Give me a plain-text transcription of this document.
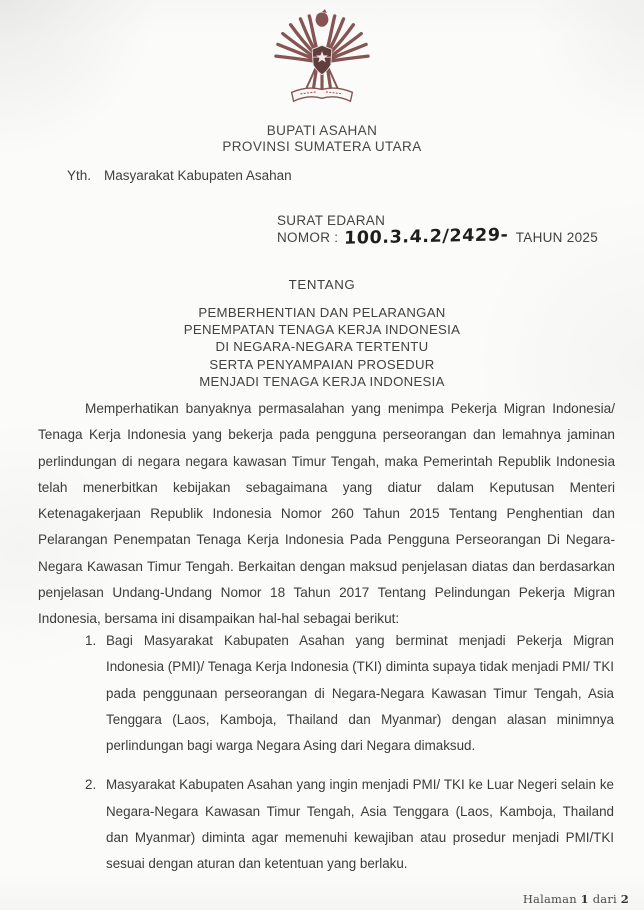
BUPATI ASAHAN
PROVINSI SUMATERA UTARA
Yth. Masyarakat Kabupaten Asahan
SURAT EDARAN
NOMOR : 100.3.4.2/2429- TAHUN 2025
TENTANG
PEMBERHENTIAN DAN PELARANGAN
PENEMPATAN TENAGA KERJA INDONESIA
DI NEGARA-NEGARA TERTENTU
SERTA PENYAMPAIAN PROSEDUR
MENJADI TENAGA KERJA INDONESIA
Memperhatikan banyaknya permasalahan yang menimpa Pekerja Migran Indonesia/ Tenaga Kerja Indonesia yang bekerja pada pengguna perseorangan dan lemahnya jaminan perlindungan di negara negara kawasan Timur Tengah, maka Pemerintah Republik Indonesia telah menerbitkan kebijakan sebagaimana yang diatur dalam Keputusan Menteri Ketenagakerjaan Republik Indonesia Nomor 260 Tahun 2015 Tentang Penghentian dan Pelarangan Penempatan Tenaga Kerja Indonesia Pada Pengguna Perseorangan Di Negara-Negara Kawasan Timur Tengah. Berkaitan dengan maksud penjelasan diatas dan berdasarkan penjelasan Undang-Undang Nomor 18 Tahun 2017 Tentang Pelindungan Pekerja Migran Indonesia, bersama ini disampaikan hal-hal sebagai berikut:
1. Bagi Masyarakat Kabupaten Asahan yang berminat menjadi Pekerja Migran Indonesia (PMI)/ Tenaga Kerja Indonesia (TKI) diminta supaya tidak menjadi PMI/ TKI pada penggunaan perseorangan di Negara-Negara Kawasan Timur Tengah, Asia Tenggara (Laos, Kamboja, Thailand dan Myanmar) dengan alasan minimnya perlindungan bagi warga Negara Asing dari Negara dimaksud.
2. Masyarakat Kabupaten Asahan yang ingin menjadi PMI/ TKI ke Luar Negeri selain ke Negara-Negara Kawasan Timur Tengah, Asia Tenggara (Laos, Kamboja, Thailand dan Myanmar) diminta agar memenuhi kewajiban atau prosedur menjadi PMI/TKI sesuai dengan aturan dan ketentuan yang berlaku.
Halaman 1 dari 2
